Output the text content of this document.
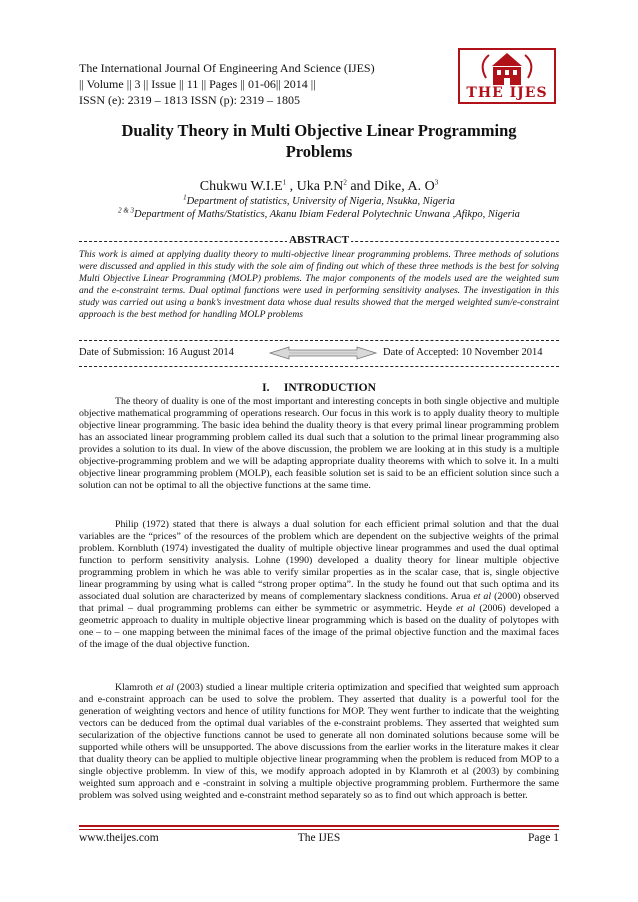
The International Journal Of Engineering And Science (IJES)
|| Volume || 3 || Issue || 11 || Pages || 01-06|| 2014 ||
ISSN (e): 2319 – 1813 ISSN (p): 2319 – 1805	THE IJES
Duality Theory in Multi Objective Linear Programming
Problems
Chukwu $W.I.E^1$ , Uka $P.N^2$ and Dike, A. $O^3$
$^1$Department of statistics, University of Nigeria, Nsukka, Nigeria
$^{2 \& 3}$Department of Maths/Statistics, Akanu Ibiam Federal Polytechnic Unwana ,Afikpo, Nigeria
ABSTRACT
This work is aimed at applying duality theory to multi-objective linear programming problems. Three methods of solutions were discussed and applied in this study with the sole aim of finding out which of these three methods is the best for solving Multi Objective Linear Programming (MOLP) problems. The major components of the models used are the weighted sum and the e-constraint terms. Dual optimal functions were used in performing sensitivity analyses. The investigation in this study was carried out using a bank’s investment data whose dual results showed that the merged weighted sum/e-constraint approach is the best method for handling MOLP problems
Date of Submission: 16 August 2014	Date of Accepted: 10 November 2014
I. INTRODUCTION
The theory of duality is one of the most important and interesting concepts in both single objective and multiple objective mathematical programming of operations research. Our focus in this work is to apply duality theory to multiple objective linear programming. The basic idea behind the duality theory is that every primal linear programming problem has an associated linear programming problem called its dual such that a solution to the primal linear programming also provides a solution to its dual. In view of the above discussion, the problem we are looking at in this study is a multiple objective-programming problem and we will be adapting appropriate duality theorems with which to solve it. In a multi objective linear programming problem (MOLP), each feasible solution set is said to be an efficient solution since such a solution can not be optimal to all the objective functions at the same time.
Philip (1972) stated that there is always a dual solution for each efficient primal solution and that the dual variables are the “prices” of the resources of the problem which are dependent on the subjective weights of the primal problem. Kornbluth (1974) investigated the duality of multiple objective linear programmes and used the dual optimal function to perform sensitivity analysis. Lohne (1990) developed a duality theory for linear multiple objective programming problem in which he was able to verify similar properties as in the scalar case, that is, single objective linear programming by using what is called “strong proper optima”. In the study he found out that such optima and its associated dual solution are characterized by means of complementary slackness conditions. Arua et al (2000) observed that primal – dual programming problems can either be symmetric or asymmetric. Heyde et al (2006) developed a geometric approach to duality in multiple objective linear programming which is based on the duality of polytopes with one – to – one mapping between the minimal faces of the image of the primal objective function and the maximal faces of the image of the dual objective function.
Klamroth et al (2003) studied a linear multiple criteria optimization and specified that weighted sum approach and e-constraint approach can be used to solve the problem. They asserted that duality is a powerful tool for the generation of weighting vectors and hence of utility functions for MOP. They went further to indicate that the weighting vectors can be deduced from the optimal dual variables of the e-constraint problems. They asserted that weighted sum secularization of the objective functions cannot be used to generate all non dominated solutions because some will be supported while others will be unsupported. The above discussions from the earlier works in the literature makes it clear that duality theory can be applied to multiple objective linear programming when the problem is reduced from MOP to a single objective problemm. In view of this, we modify approach adopted in by Klamroth et al (2003) by combining weighted sum approach and e -constraint in solving a multiple objective programming problem. Furthermore the same problem was solved using weighted and e-constraint method separately so as to find out which approach is better.
www.theijes.com	The IJES	Page 1
